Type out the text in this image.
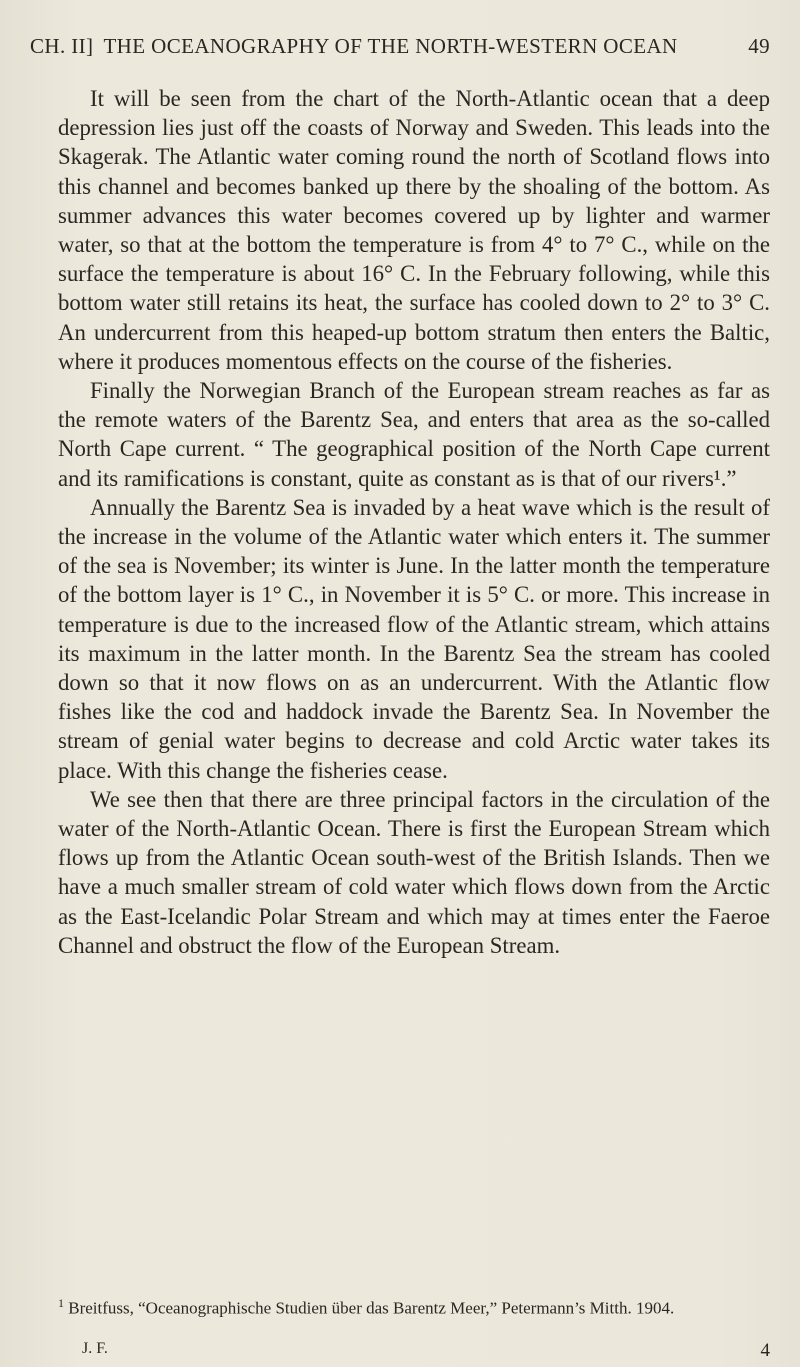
CH. II] THE OCEANOGRAPHY OF THE NORTH-WESTERN OCEAN	49

It will be seen from the chart of the North-Atlantic ocean that a deep depression lies just off the coasts of Norway and Sweden. This leads into the Skagerak. The Atlantic water coming round the north of Scotland flows into this channel and becomes banked up there by the shoaling of the bottom. As summer advances this water becomes covered up by lighter and warmer water, so that at the bottom the temperature is from 4° to 7° C., while on the surface the temperature is about 16° C. In the February following, while this bottom water still retains its heat, the surface has cooled down to 2° to 3° C. An undercurrent from this heaped-up bottom stratum then enters the Baltic, where it produces momentous effects on the course of the fisheries.

Finally the Norwegian Branch of the European stream reaches as far as the remote waters of the Barentz Sea, and enters that area as the so-called North Cape current. “ The geographical position of the North Cape current and its ramifications is constant, quite as constant as is that of our rivers¹.”

Annually the Barentz Sea is invaded by a heat wave which is the result of the increase in the volume of the Atlantic water which enters it. The summer of the sea is November; its winter is June. In the latter month the temperature of the bottom layer is 1° C., in November it is 5° C. or more. This increase in temperature is due to the increased flow of the Atlantic stream, which attains its maximum in the latter month. In the Barentz Sea the stream has cooled down so that it now flows on as an undercurrent. With the Atlantic flow fishes like the cod and haddock invade the Barentz Sea. In November the stream of genial water begins to decrease and cold Arctic water takes its place. With this change the fisheries cease.

We see then that there are three principal factors in the circulation of the water of the North-Atlantic Ocean. There is first the European Stream which flows up from the Atlantic Ocean south-west of the British Islands. Then we have a much smaller stream of cold water which flows down from the Arctic as the East-Icelandic Polar Stream and which may at times enter the Faeroe Channel and obstruct the flow of the European Stream.

$^1$ Breitfuss, “Oceanographische Studien über das Barentz Meer,” Petermann’s Mitth. 1904.
J. F.	4
